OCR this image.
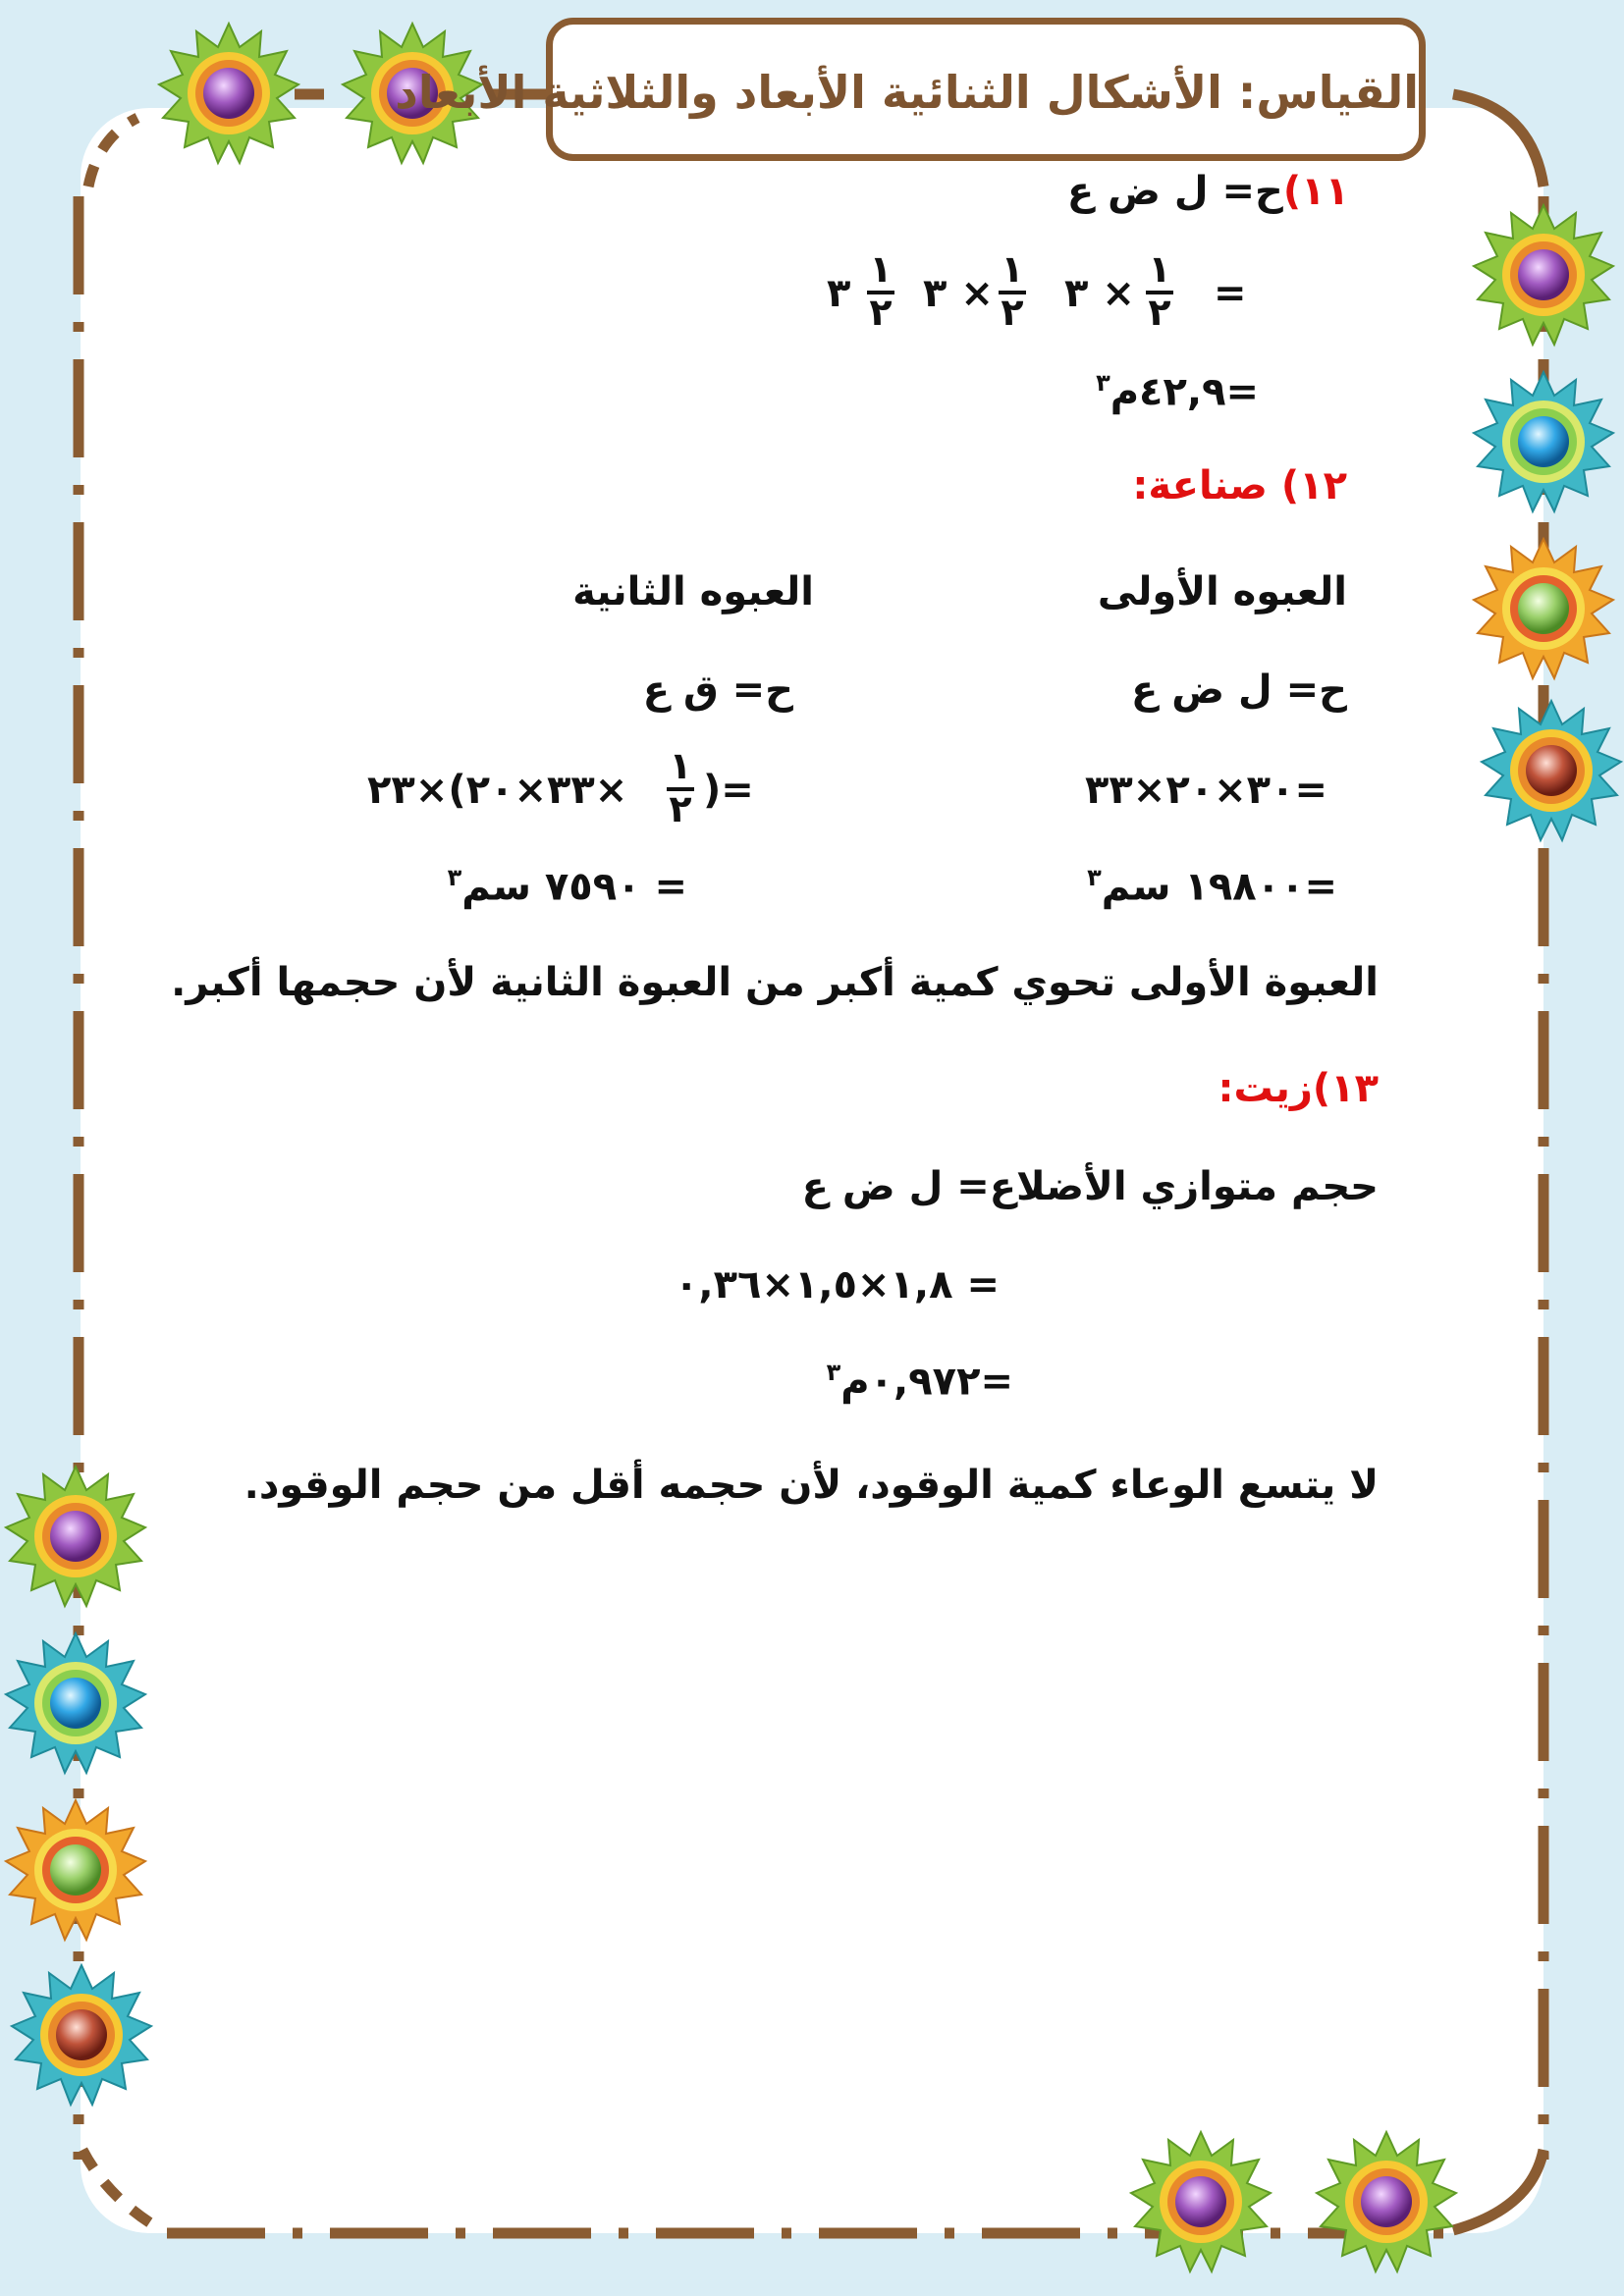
القياس: الأشكال الثنائية الأبعاد والثلاثية الأبعاد
١١)ح= ل ض ع
=
١
٢
× ٣
١
٢
× ٣
١
٢
٣
=٤٢,٩م$^٣$
١٢) صناعة:
العبوه الأولى
العبوه الثانية
ح= ل ض ع
ح= ق ع
=٣٠×٢٠×٣٣
=(
١
٢
×٣٣×٢٠)×٢٣
=١٩٨٠٠ سم$^٣$
= ٧٥٩٠ سم$^٣$
العبوة الأولى تحوي كمية أكبر من العبوة الثانية لأن حجمها أكبر.
١٣)زيت:
حجم متوازي الأضلاع= ل ض ع
= ١,٨×١,٥×٠,٣٦
=٠,٩٧٢م$^٣$
لا يتسع الوعاء كمية الوقود، لأن حجمه أقل من حجم الوقود.
